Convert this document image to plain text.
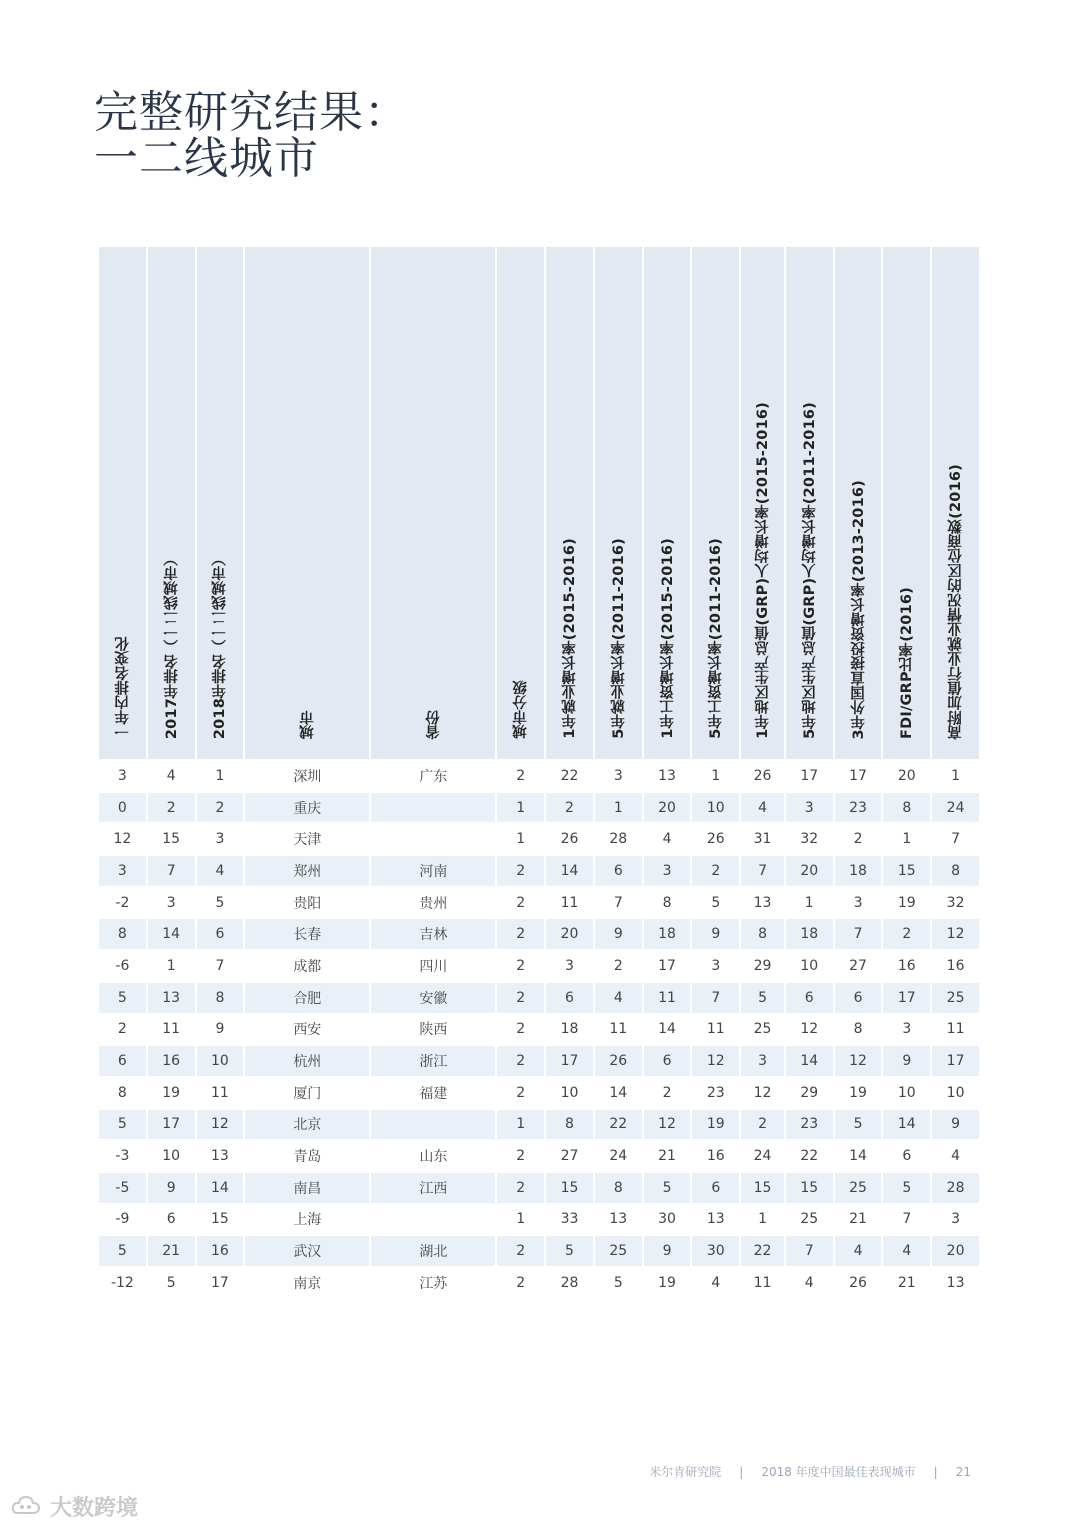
完整研究结果：
一二线城市
一年内排名变化	2017年排名（一二线城市）	2018年排名（一二线城市）	城市	省份	城市分级	1年就业增长率(2015-2016)	5年就业增长率(2011-2016)	1年工资增长率(2015-2016)	5年工资增长率(2011-2016)	1年地区生产总值(GRP)人均增长率(2015-2016)	5年地区生产总值(GRP)人均增长率(2011-2016)	3年外国直接投资增长率(2013-2016)	FDI/GRP比率(2016)	高附加值行业就业情况的区位商数(2016)

3	4	1	深圳	广东	2	22	3	13	1	26	17	17	20	1
0	2	2	重庆		1	2	1	20	10	4	3	23	8	24
12	15	3	天津		1	26	28	4	26	31	32	2	1	7
3	7	4	郑州	河南	2	14	6	3	2	7	20	18	15	8
-2	3	5	贵阳	贵州	2	11	7	8	5	13	1	3	19	32
8	14	6	长春	吉林	2	20	9	18	9	8	18	7	2	12
-6	1	7	成都	四川	2	3	2	17	3	29	10	27	16	16
5	13	8	合肥	安徽	2	6	4	11	7	5	6	6	17	25
2	11	9	西安	陕西	2	18	11	14	11	25	12	8	3	11
6	16	10	杭州	浙江	2	17	26	6	12	3	14	12	9	17
8	19	11	厦门	福建	2	10	14	2	23	12	29	19	10	10
5	17	12	北京		1	8	22	12	19	2	23	5	14	9
-3	10	13	青岛	山东	2	27	24	21	16	24	22	14	6	4
-5	9	14	南昌	江西	2	15	8	5	6	15	15	25	5	28
-9	6	15	上海		1	33	13	30	13	1	25	21	7	3
5	21	16	武汉	湖北	2	5	25	9	30	22	7	4	4	20
-12	5	17	南京	江苏	2	28	5	19	4	11	4	26	21	13
米尔肯研究院 | 2018 年度中国最佳表现城市 | 21
大数跨境
